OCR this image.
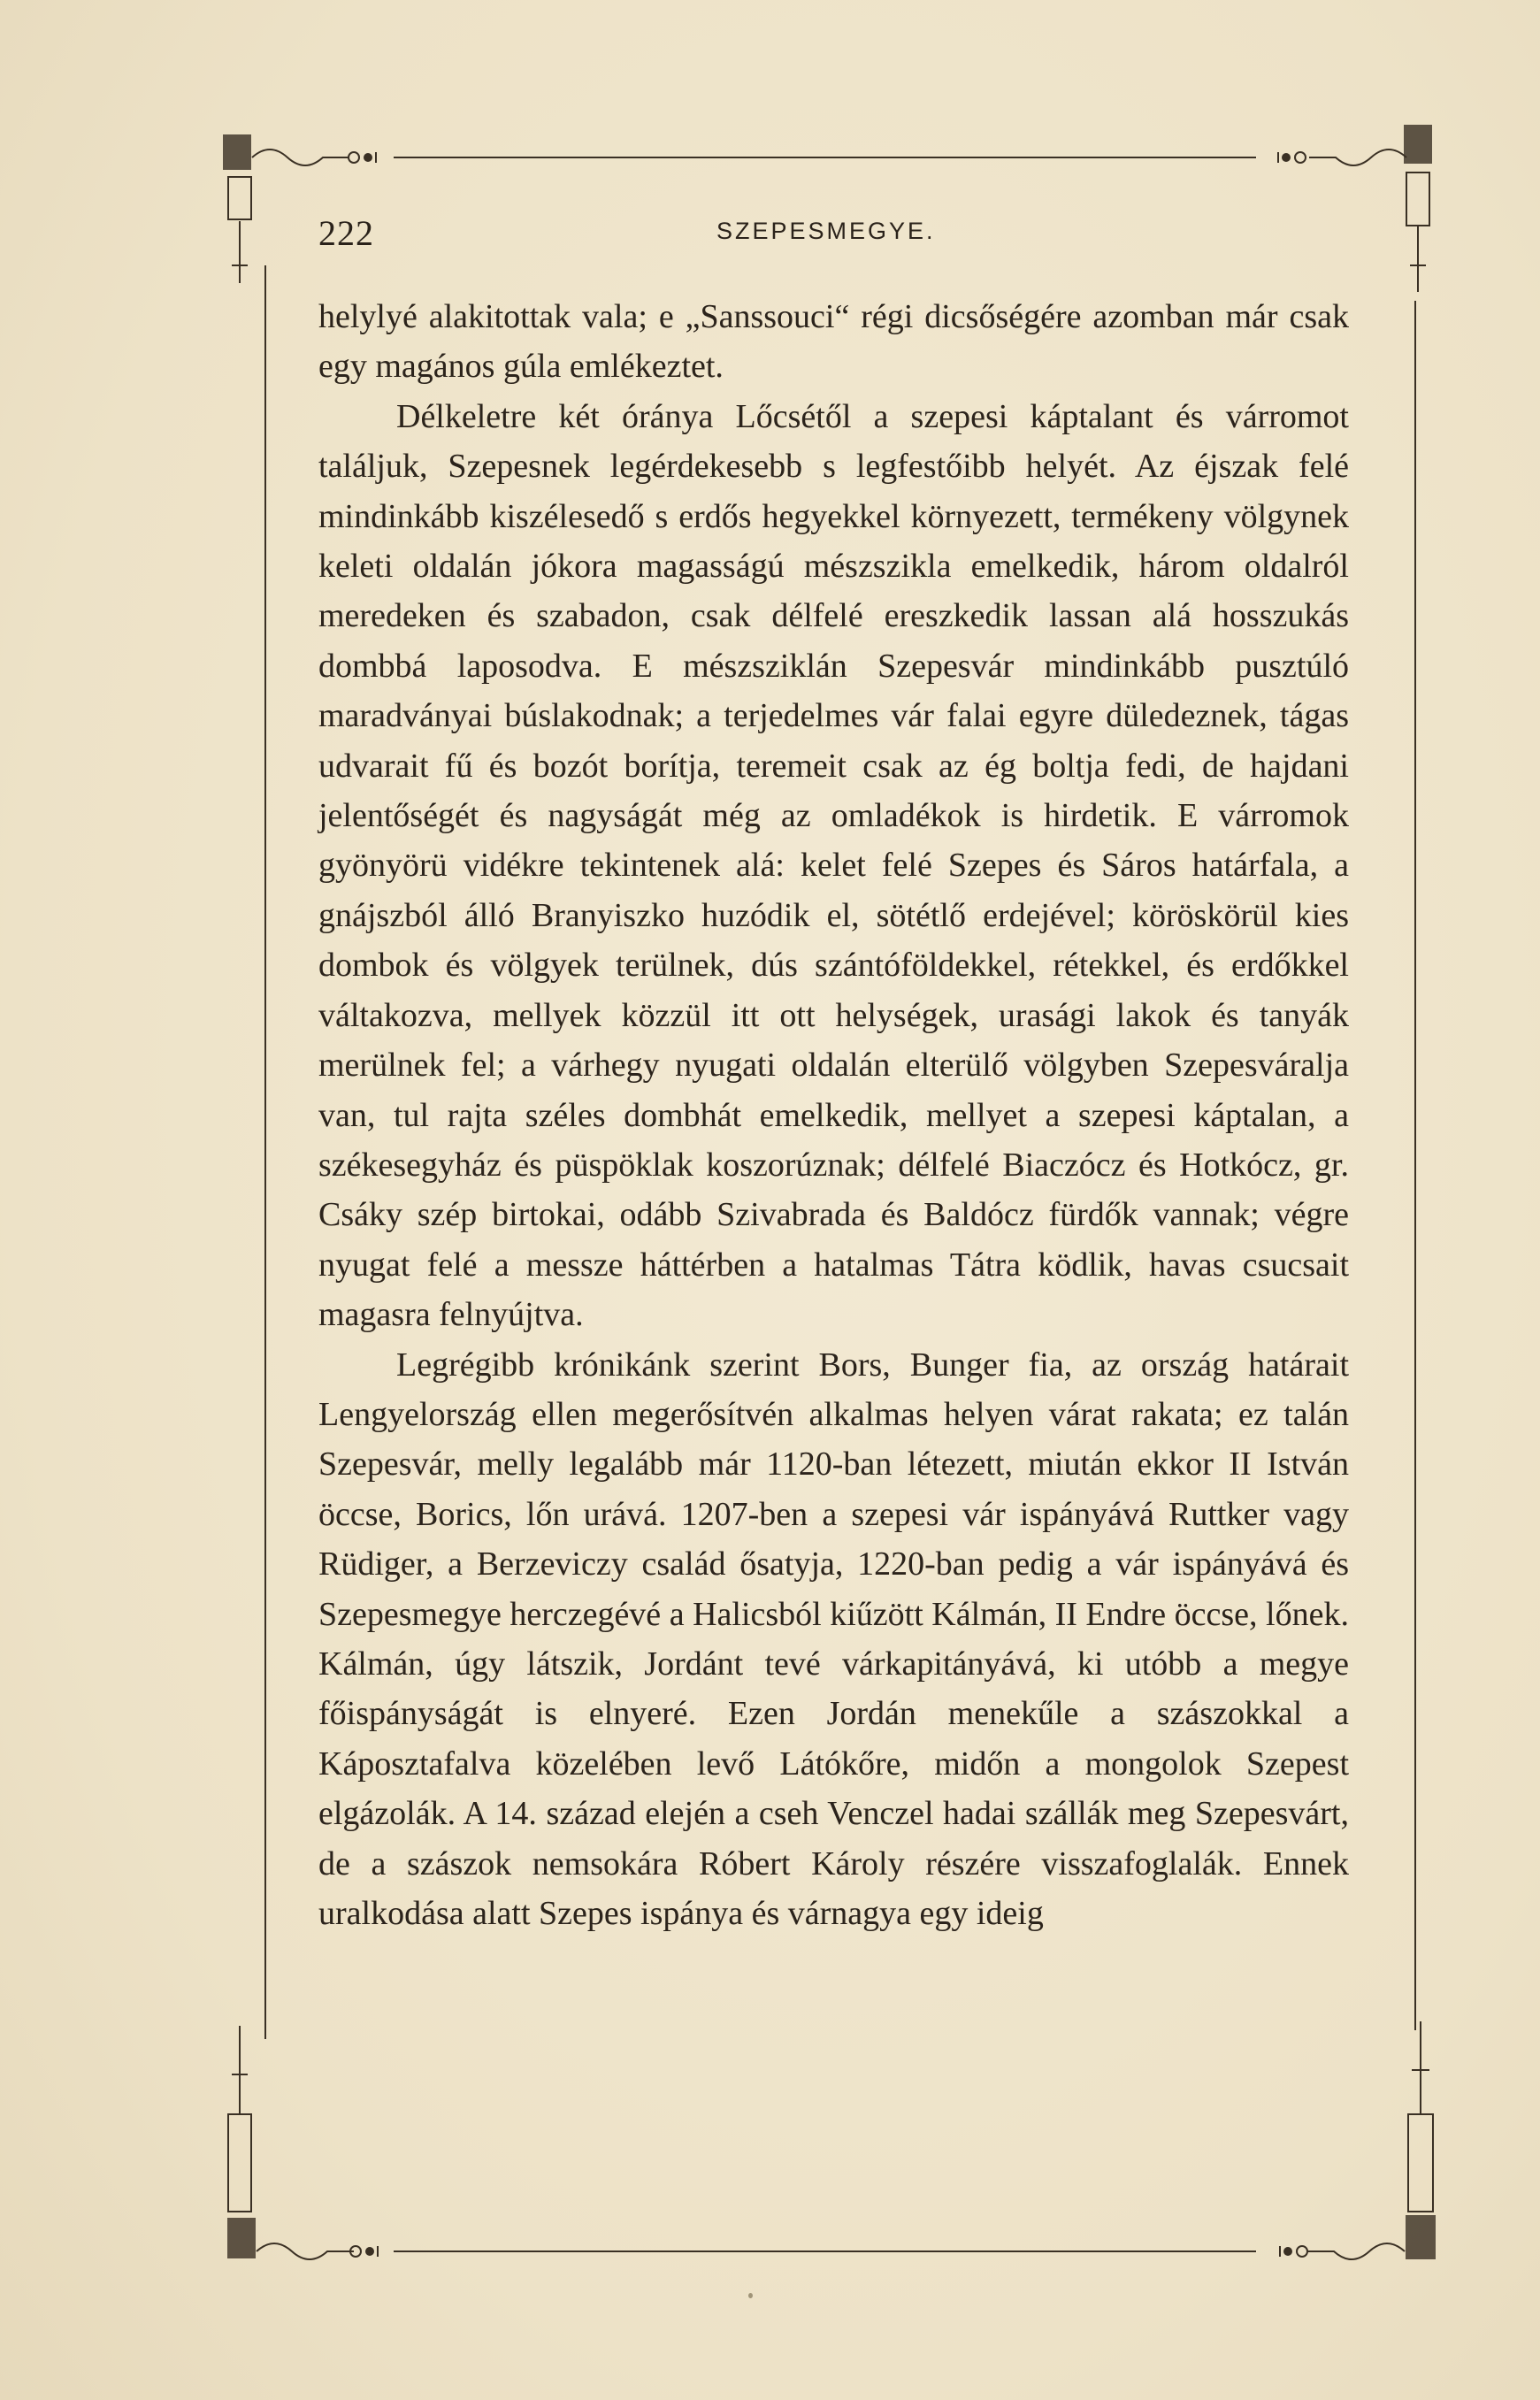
222	SZEPESMEGYE.

helylyé alakitottak vala; e „Sanssouci“ régi dicsőségére azomban már csak egy magános gúla emlékeztet.

Délkeletre két óránya Lőcsétől a szepesi káptalant és várromot találjuk, Szepesnek legérdekesebb s legfestőibb helyét. Az éjszak felé mindinkább kiszélesedő s erdős hegyekkel környezett, termékeny völgynek keleti oldalán jókora magasságú mészszikla emelkedik, három oldalról meredeken és szabadon, csak délfelé ereszkedik lassan alá hosszukás dombbá laposodva. E mészsziklán Szepesvár mindinkább pusztúló maradványai búslakodnak; a terjedelmes vár falai egyre düledeznek, tágas udvarait fű és bozót borítja, teremeit csak az ég boltja fedi, de hajdani jelentőségét és nagyságát még az omladékok is hirdetik. E várromok gyönyörü vidékre tekintenek alá: kelet felé Szepes és Sáros határfala, a gnájszból álló Branyiszko huzódik el, sötétlő erdejével; köröskörül kies dombok és völgyek terülnek, dús szántóföldekkel, rétekkel, és erdőkkel váltakozva, mellyek közzül itt ott helységek, urasági lakok és tanyák merülnek fel; a várhegy nyugati oldalán elterülő völgyben Szepesváralja van, tul rajta széles dombhát emelkedik, mellyet a szepesi káptalan, a székesegyház és püspöklak koszorúznak; délfelé Biaczócz és Hotkócz, gr. Csáky szép birtokai, odább Szivabrada és Baldócz fürdők vannak; végre nyugat felé a messze háttérben a hatalmas Tátra ködlik, havas csucsait magasra felnyújtva.

Legrégibb krónikánk szerint Bors, Bunger fia, az ország határait Lengyelország ellen megerősítvén alkalmas helyen várat rakata; ez talán Szepesvár, melly legalább már 1120-ban létezett, miután ekkor II István öccse, Borics, lőn urává. 1207-ben a szepesi vár ispányává Ruttker vagy Rüdiger, a Berzeviczy család ősatyja, 1220-ban pedig a vár ispányává és Szepesmegye herczegévé a Halicsból kiűzött Kálmán, II Endre öccse, lőnek. Kálmán, úgy látszik, Jordánt tevé várkapitányává, ki utóbb a megye főispányságát is elnyeré. Ezen Jordán menekűle a szászokkal a Káposztafalva közelében levő Látókőre, midőn a mongolok Szepest elgázolák. A 14. század elején a cseh Venczel hadai szállák meg Szepesvárt, de a szászok nemsokára Róbert Károly részére visszafoglalák. Ennek uralkodása alatt Szepes ispánya és várnagya egy ideig
